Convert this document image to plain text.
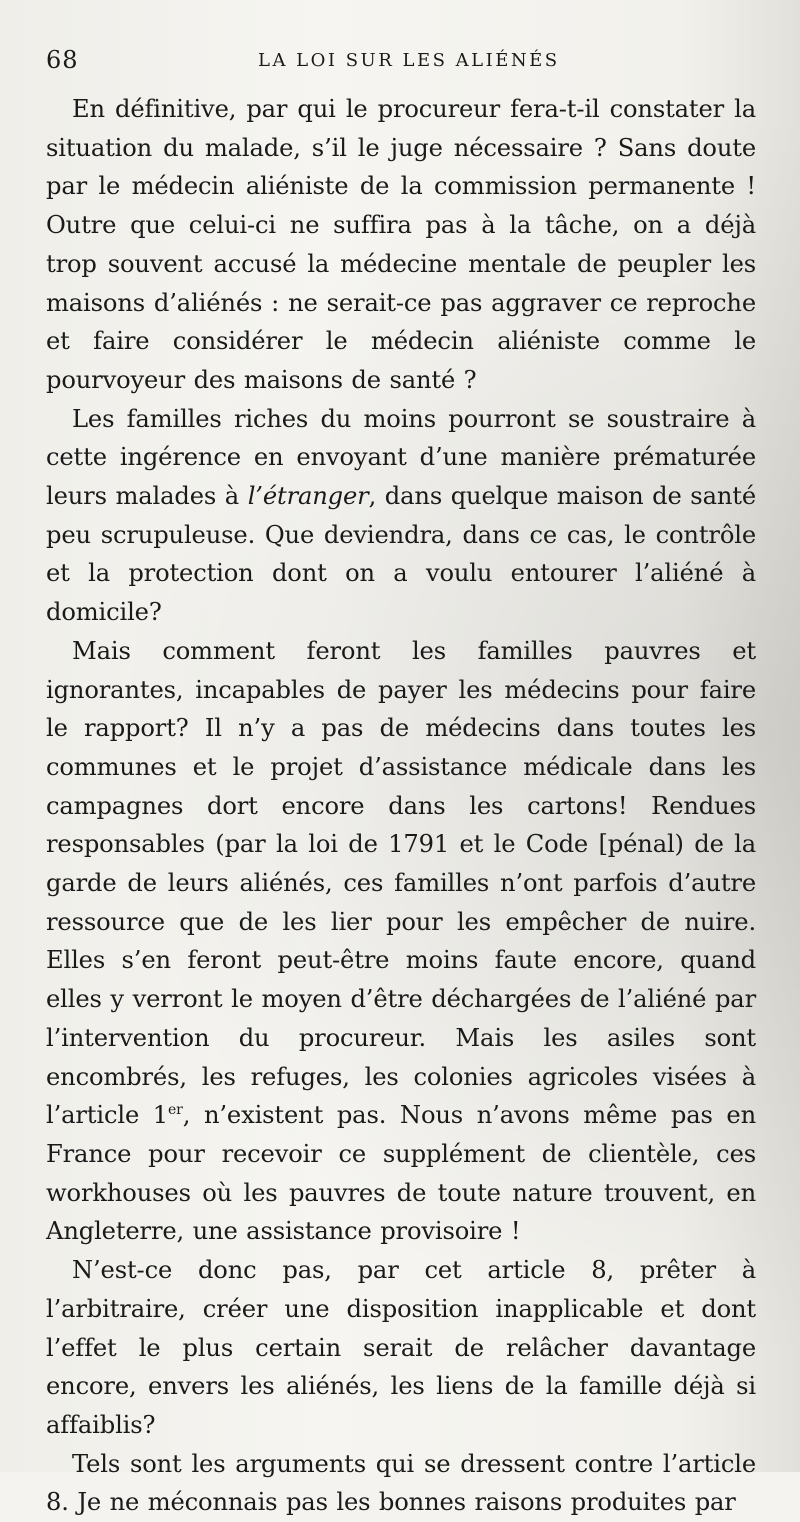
68	LA LOI SUR LES ALIÉNÉS

En définitive, par qui le procureur fera-t-il constater la situation du malade, s’il le juge nécessaire ? Sans doute par le médecin aliéniste de la commission permanente ! Outre que celui-ci ne suffira pas à la tâche, on a déjà trop souvent accusé la médecine mentale de peupler les maisons d’aliénés : ne serait-ce pas aggraver ce reproche et faire considérer le médecin aliéniste comme le pourvoyeur des maisons de santé ?

Les familles riches du moins pourront se soustraire à cette ingérence en envoyant d’une manière prématurée leurs malades à l’étranger, dans quelque maison de santé peu scrupuleuse. Que deviendra, dans ce cas, le contrôle et la protection dont on a voulu entourer l’aliéné à domicile?

Mais comment feront les familles pauvres et ignorantes, incapables de payer les médecins pour faire le rapport? Il n’y a pas de médecins dans toutes les communes et le projet d’assistance médicale dans les campagnes dort encore dans les cartons! Rendues responsables (par la loi de 1791 et le Code [pénal) de la garde de leurs aliénés, ces familles n’ont parfois d’autre ressource que de les lier pour les empêcher de nuire. Elles s’en feront peut-être moins faute encore, quand elles y verront le moyen d’être déchargées de l’aliéné par l’intervention du procureur. Mais les asiles sont encombrés, les refuges, les colonies agricoles visées à l’article 1er, n’existent pas. Nous n’avons même pas en France pour recevoir ce supplément de clientèle, ces workhouses où les pauvres de toute nature trouvent, en Angleterre, une assistance provisoire !

N’est-ce donc pas, par cet article 8, prêter à l’arbitraire, créer une disposition inapplicable et dont l’effet le plus certain serait de relâcher davantage encore, envers les aliénés, les liens de la famille déjà si affaiblis?

Tels sont les arguments qui se dressent contre l’article 8. Je ne méconnais pas les bonnes raisons produites par
